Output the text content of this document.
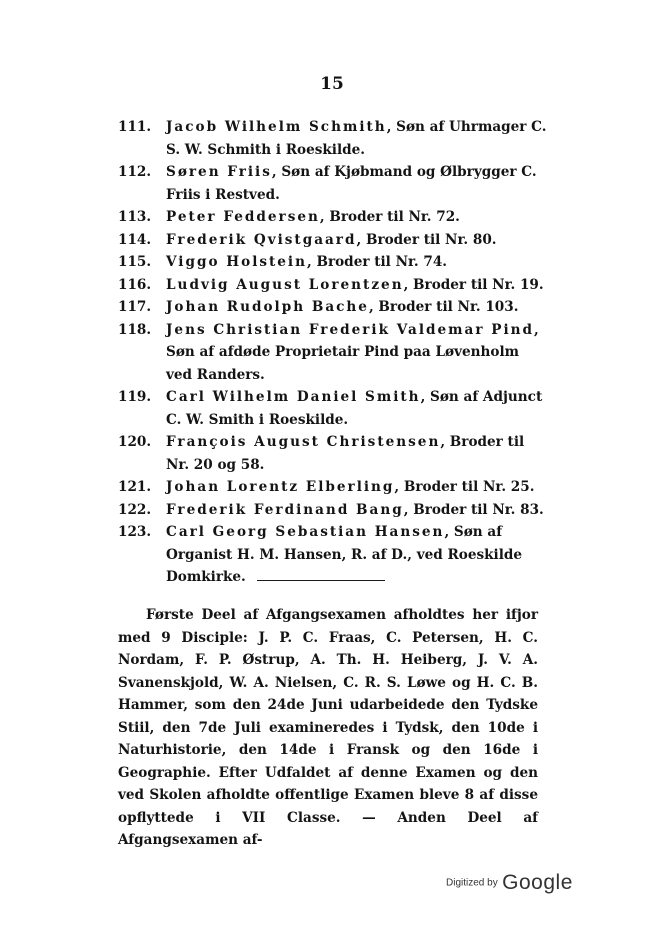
15
111. Jacob Wilhelm Schmith, Søn af Uhrmager C. S. W. Schmith i Roeskilde.
112. Søren Friis, Søn af Kjøbmand og Ølbrygger C. Friis i Restved.
113. Peter Feddersen, Broder til Nr. 72.
114. Frederik Qvistgaard, Broder til Nr. 80.
115. Viggo Holstein, Broder til Nr. 74.
116. Ludvig August Lorentzen, Broder til Nr. 19.
117. Johan Rudolph Bache, Broder til Nr. 103.
118. Jens Christian Frederik Valdemar Pind, Søn af afdøde Proprietair Pind paa Løvenholm ved Randers.
119. Carl Wilhelm Daniel Smith, Søn af Adjunct C. W. Smith i Roeskilde.
120. François August Christensen, Broder til Nr. 20 og 58.
121. Johan Lorentz Elberling, Broder til Nr. 25.
122. Frederik Ferdinand Bang, Broder til Nr. 83.
123. Carl Georg Sebastian Hansen, Søn af Organist H. M. Hansen, R. af D., ved Roeskilde Domkirke.
Første Deel af Afgangsexamen afholdtes her ifjor med 9 Disciple: J. P. C. Fraas, C. Petersen, H. C. Nordam, F. P. Østrup, A. Th. H. Heiberg, J. V. A. Svanenskjold, W. A. Nielsen, C. R. S. Løwe og H. C. B. Hammer, som den 24de Juni udarbeidede den Tydske Stiil, den 7de Juli examineredes i Tydsk, den 10de i Naturhistorie, den 14de i Fransk og den 16de i Geographie. Efter Udfaldet af denne Examen og den ved Skolen afholdte offentlige Examen bleve 8 af disse opflyttede i VII Classe. — Anden Deel af Afgangsexamen af-
Digitized by Google
